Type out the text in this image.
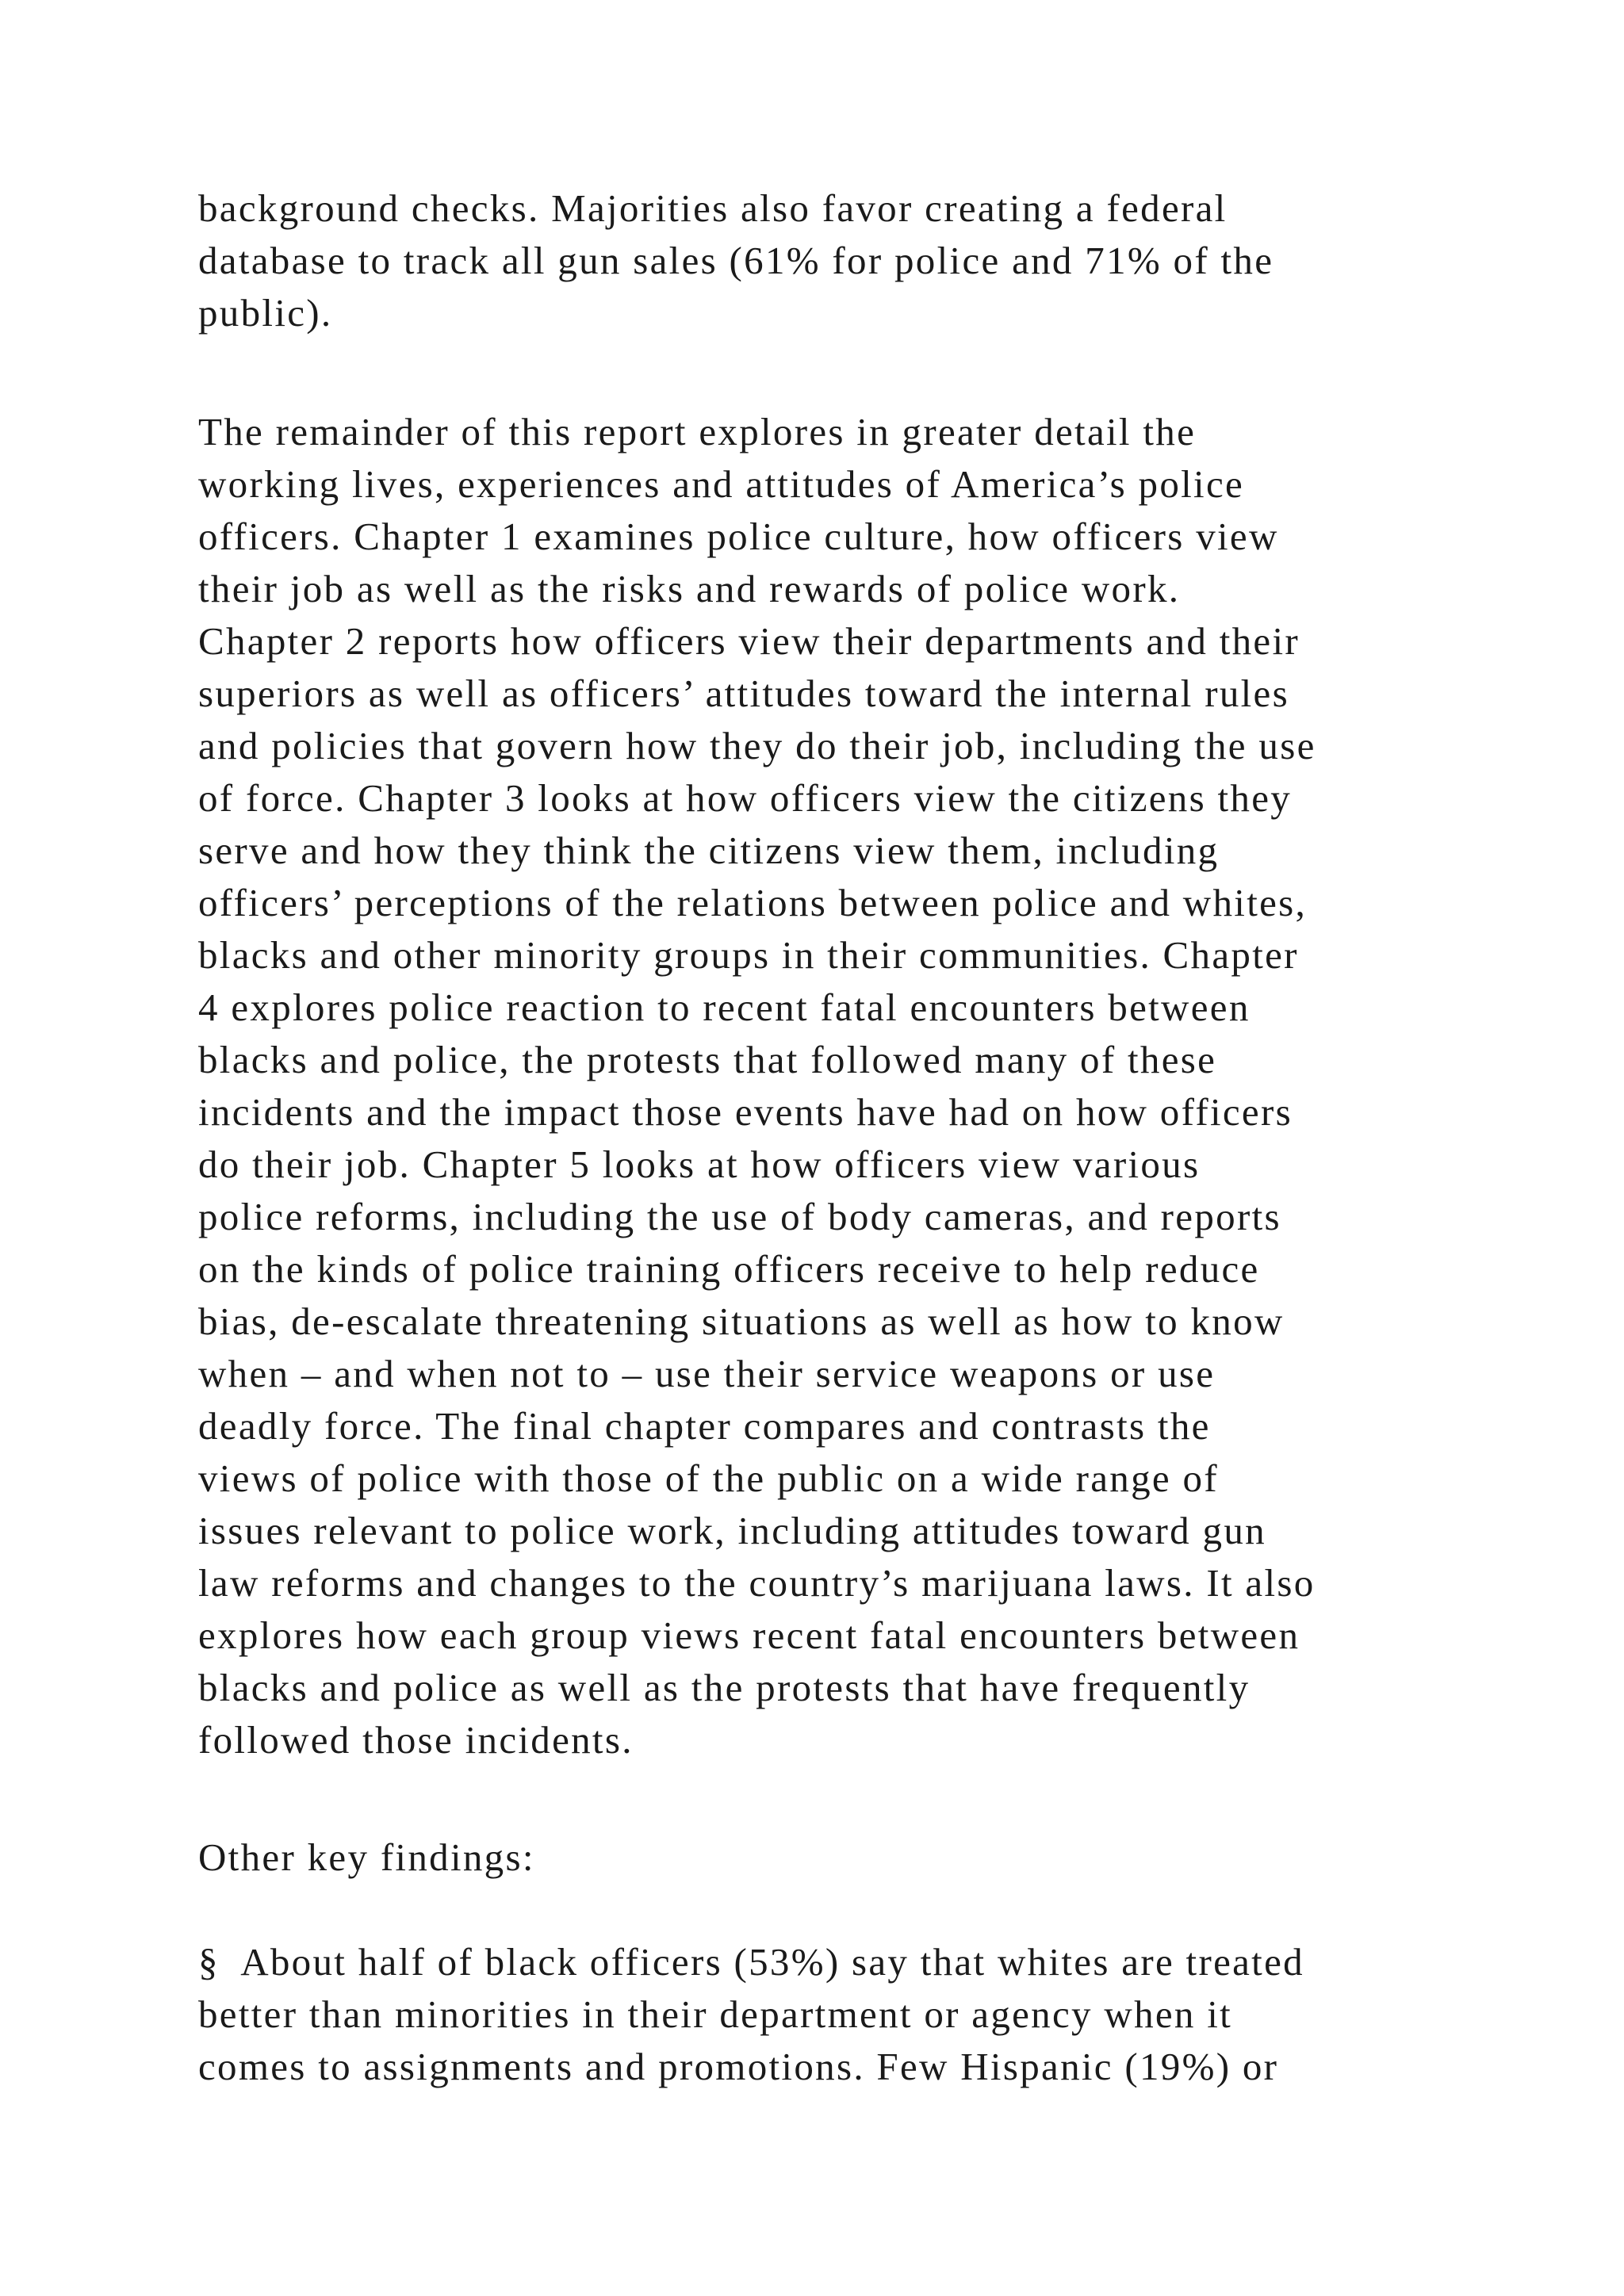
background checks. Majorities also favor creating a federal
database to track all gun sales (61% for police and 71% of the
public).
The remainder of this report explores in greater detail the
working lives, experiences and attitudes of America’s police
officers. Chapter 1 examines police culture, how officers view
their job as well as the risks and rewards of police work.
Chapter 2 reports how officers view their departments and their
superiors as well as officers’ attitudes toward the internal rules
and policies that govern how they do their job, including the use
of force. Chapter 3 looks at how officers view the citizens they
serve and how they think the citizens view them, including
officers’ perceptions of the relations between police and whites,
blacks and other minority groups in their communities. Chapter
4 explores police reaction to recent fatal encounters between
blacks and police, the protests that followed many of these
incidents and the impact those events have had on how officers
do their job. Chapter 5 looks at how officers view various
police reforms, including the use of body cameras, and reports
on the kinds of police training officers receive to help reduce
bias, de-escalate threatening situations as well as how to know
when – and when not to – use their service weapons or use
deadly force. The final chapter compares and contrasts the
views of police with those of the public on a wide range of
issues relevant to police work, including attitudes toward gun
law reforms and changes to the country’s marijuana laws. It also
explores how each group views recent fatal encounters between
blacks and police as well as the protests that have frequently
followed those incidents.
Other key findings:
§  About half of black officers (53%) say that whites are treated
better than minorities in their department or agency when it
comes to assignments and promotions. Few Hispanic (19%) or
